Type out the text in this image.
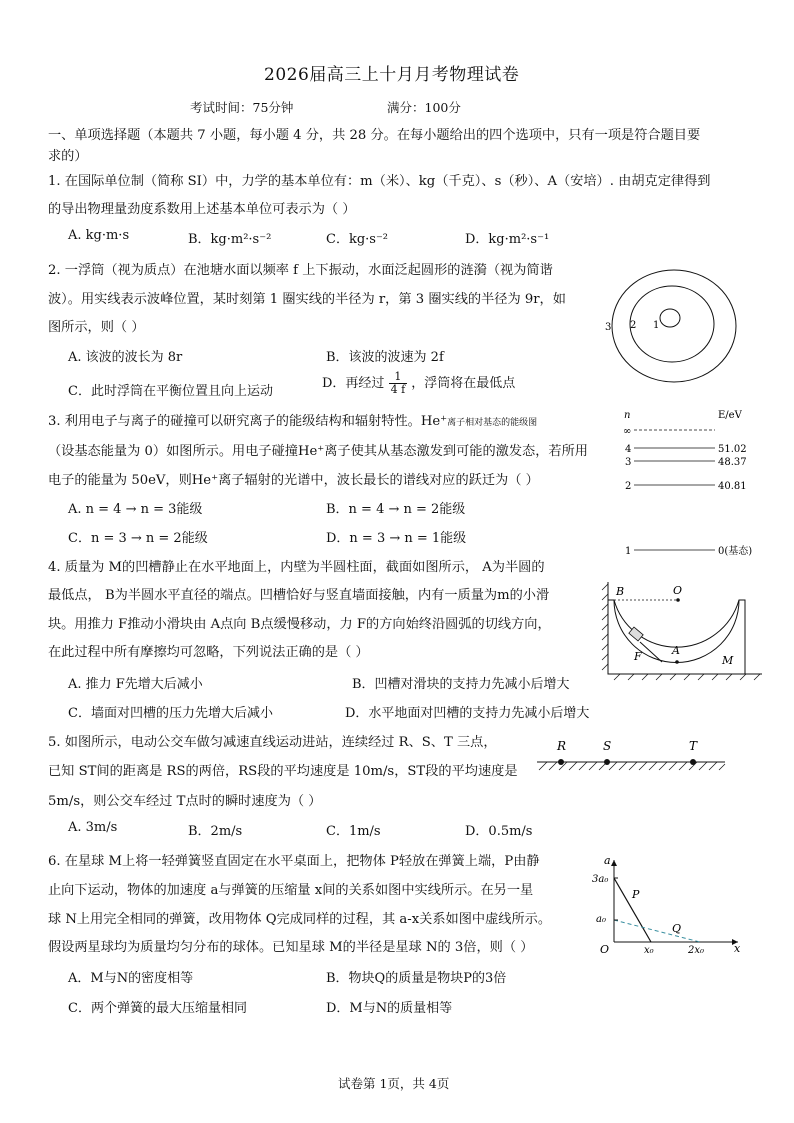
2026届高三上十月月考物理试卷
考试时间：75分钟	满分：100分
一、单项选择题（本题共 7 小题，每小题 4 分，共 28 分。在每小题给出的四个选项中，只有一项是符合题目要
求的）
1. 在国际单位制（简称 SI）中，力学的基本单位有：m（米）、kg（千克）、s（秒）、A（安培）. 由胡克定律得到
的导出物理量劲度系数用上述基本单位可表示为（ ）
A. kg·m·s	B．kg·m²·s⁻²	C．kg·s⁻²	D．kg·m²·s⁻¹
2. 一浮筒（视为质点）在池塘水面以频率 f 上下振动，水面泛起圆形的涟漪（视为简谐
波）。用实线表示波峰位置，某时刻第 1 圈实线的半径为 r，第 3 圈实线的半径为 9r，如
图所示，则（ ）
A. 该波的波长为 8r	B．该波的波速为 2f
C．此时浮筒在平衡位置且向上运动
D．再经过 $\frac{1}{4 f}$ ，浮筒将在最低点
3 2 1
3. 利用电子与离子的碰撞可以研究离子的能级结构和辐射特性。He⁺离子相对基态的能级图
（设基态能量为 0）如图所示。用电子碰撞He⁺离子使其从基态激发到可能的激发态，若所用
电子的能量为 50eV，则He⁺离子辐射的光谱中，波长最长的谱线对应的跃迁为（ ）
A. n = 4 → n = 3能级	B．n = 4 → n = 2能级
C．n = 3 → n = 2能级	D．n = 3 → n = 1能级
n	E/eV
∞
4	51.02
3	48.37
2	40.81
1	0(基态)
4. 质量为 M的凹槽静止在水平地面上，内壁为半圆柱面，截面如图所示， A为半圆的
最低点， B为半圆水平直径的端点。凹槽恰好与竖直墙面接触，内有一质量为m的小滑
块。用推力 F推动小滑块由 A点向 B点缓慢移动，力 F的方向始终沿圆弧的切线方向，
在此过程中所有摩擦均可忽略，下列说法正确的是（ ）
A. 推力 F先增大后减小	B．凹槽对滑块的支持力先减小后增大
C．墙面对凹槽的压力先增大后减小	D．水平地面对凹槽的支持力先减小后增大
B	O
F	A
M
5. 如图所示，电动公交车做匀减速直线运动进站，连续经过 R、S、T 三点，
已知 ST间的距离是 RS的两倍，RS段的平均速度是 10m/s，ST段的平均速度是
5m/s，则公交车经过 T点时的瞬时速度为（ ）
A. 3m/s	B．2m/s	C．1m/s	D．0.5m/s
R	S	T
6. 在星球 M上将一轻弹簧竖直固定在水平桌面上，把物体 P轻放在弹簧上端，P由静
止向下运动，物体的加速度 a与弹簧的压缩量 x间的关系如图中实线所示。在另一星
球 N上用完全相同的弹簧，改用物体 Q完成同样的过程，其 a-x关系如图中虚线所示。
假设两星球均为质量均匀分布的球体。已知星球 M的半径是星球 N的 3倍，则（ ）
A．M与N的密度相等	B．物块Q的质量是物块P的3倍
C．两个弹簧的最大压缩量相同	D．M与N的质量相等
a
3a₀
a₀
O	x₀	2x₀	x
P
Q
试卷第 1页，共 4页
